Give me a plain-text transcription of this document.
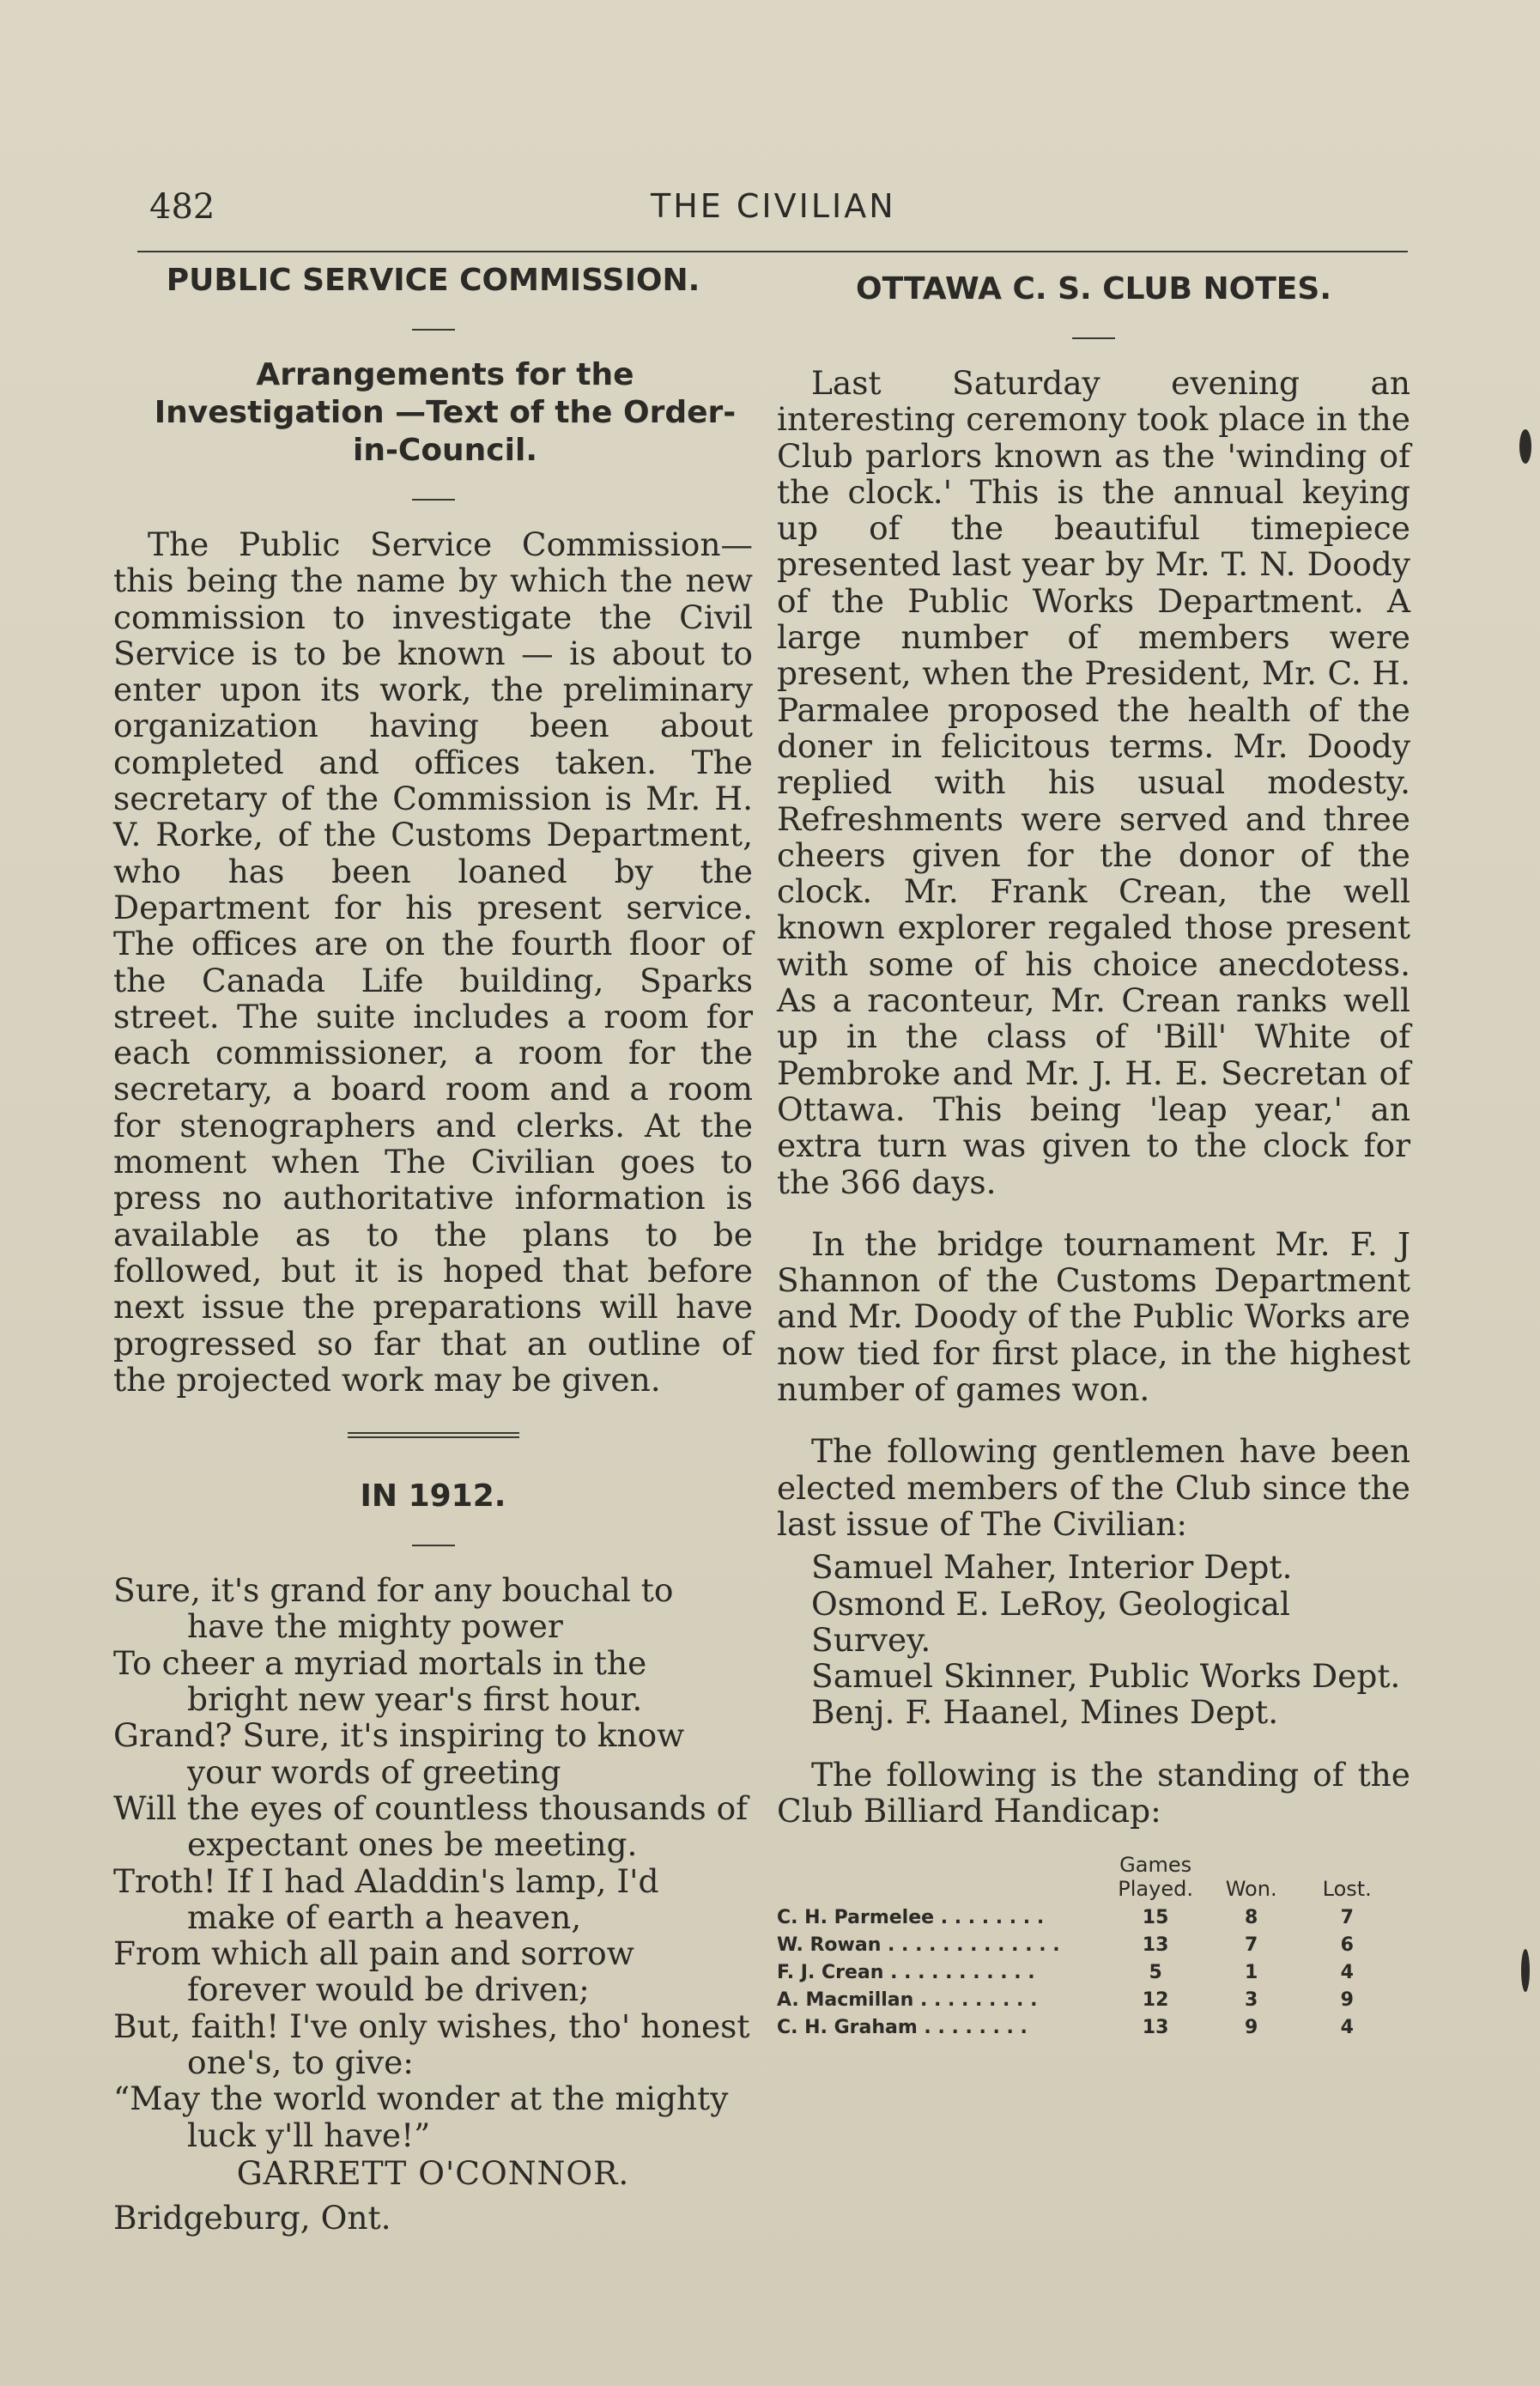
482	THE CIVILIAN
PUBLIC SERVICE COMMISSION.
Arrangements for the Investigation —Text of the Order-in-Council.

The Public Service Commission— this being the name by which the new commission to investigate the Civil Service is to be known — is about to enter upon its work, the preliminary organization having been about completed and offices taken. The secretary of the Commission is Mr. H. V. Rorke, of the Customs Department, who has been loaned by the Department for his present service. The offices are on the fourth floor of the Canada Life building, Sparks street. The suite includes a room for each commissioner, a room for the secretary, a board room and a room for stenographers and clerks. At the moment when The Civilian goes to press no authoritative information is available as to the plans to be followed, but it is hoped that before next issue the preparations will have progressed so far that an outline of the projected work may be given.

IN 1912.

Sure, it's grand for any bouchal to have the mighty power

To cheer a myriad mortals in the bright new year's first hour.

Grand? Sure, it's inspiring to know your words of greeting

Will the eyes of countless thousands of expectant ones be meeting.

Troth! If I had Aladdin's lamp, I'd make of earth a heaven,

From which all pain and sorrow forever would be driven;

But, faith! I've only wishes, tho' honest one's, to give:

“May the world wonder at the mighty luck y'll have!”

GARRETT O'CONNOR.

Bridgeburg, Ont.

OTTAWA C. S. CLUB NOTES.

Last Saturday evening an interesting ceremony took place in the Club parlors known as the 'winding of the clock.' This is the annual keying up of the beautiful timepiece presented last year by Mr. T. N. Doody of the Public Works Department. A large number of members were present, when the President, Mr. C. H. Parmalee proposed the health of the doner in felicitous terms. Mr. Doody replied with his usual modesty. Refreshments were served and three cheers given for the donor of the clock. Mr. Frank Crean, the well known explorer regaled those present with some of his choice anecdotess. As a raconteur, Mr. Crean ranks well up in the class of 'Bill' White of Pembroke and Mr. J. H. E. Secretan of Ottawa. This being 'leap year,' an extra turn was given to the clock for the 366 days.

In the bridge tournament Mr. F. J Shannon of the Customs Department and Mr. Doody of the Public Works are now tied for first place, in the highest number of games won.

The following gentlemen have been elected members of the Club since the last issue of The Civilian:

Samuel Maher, Interior Dept.

Osmond E. LeRoy, Geological Survey.

Samuel Skinner, Public Works Dept.

Benj. F. Haanel, Mines Dept.

The following is the standing of the Club Billiard Handicap:

	Games Played.	Won.	Lost.
C. H. Parmelee . . . . . . . .	15	8	7
W. Rowan . . . . . . . . . . . . .	13	7	6
F. J. Crean . . . . . . . . . . .	5	1	4
A. Macmillan . . . . . . . . .	12	3	9
C. H. Graham . . . . . . . .	13	9	4
